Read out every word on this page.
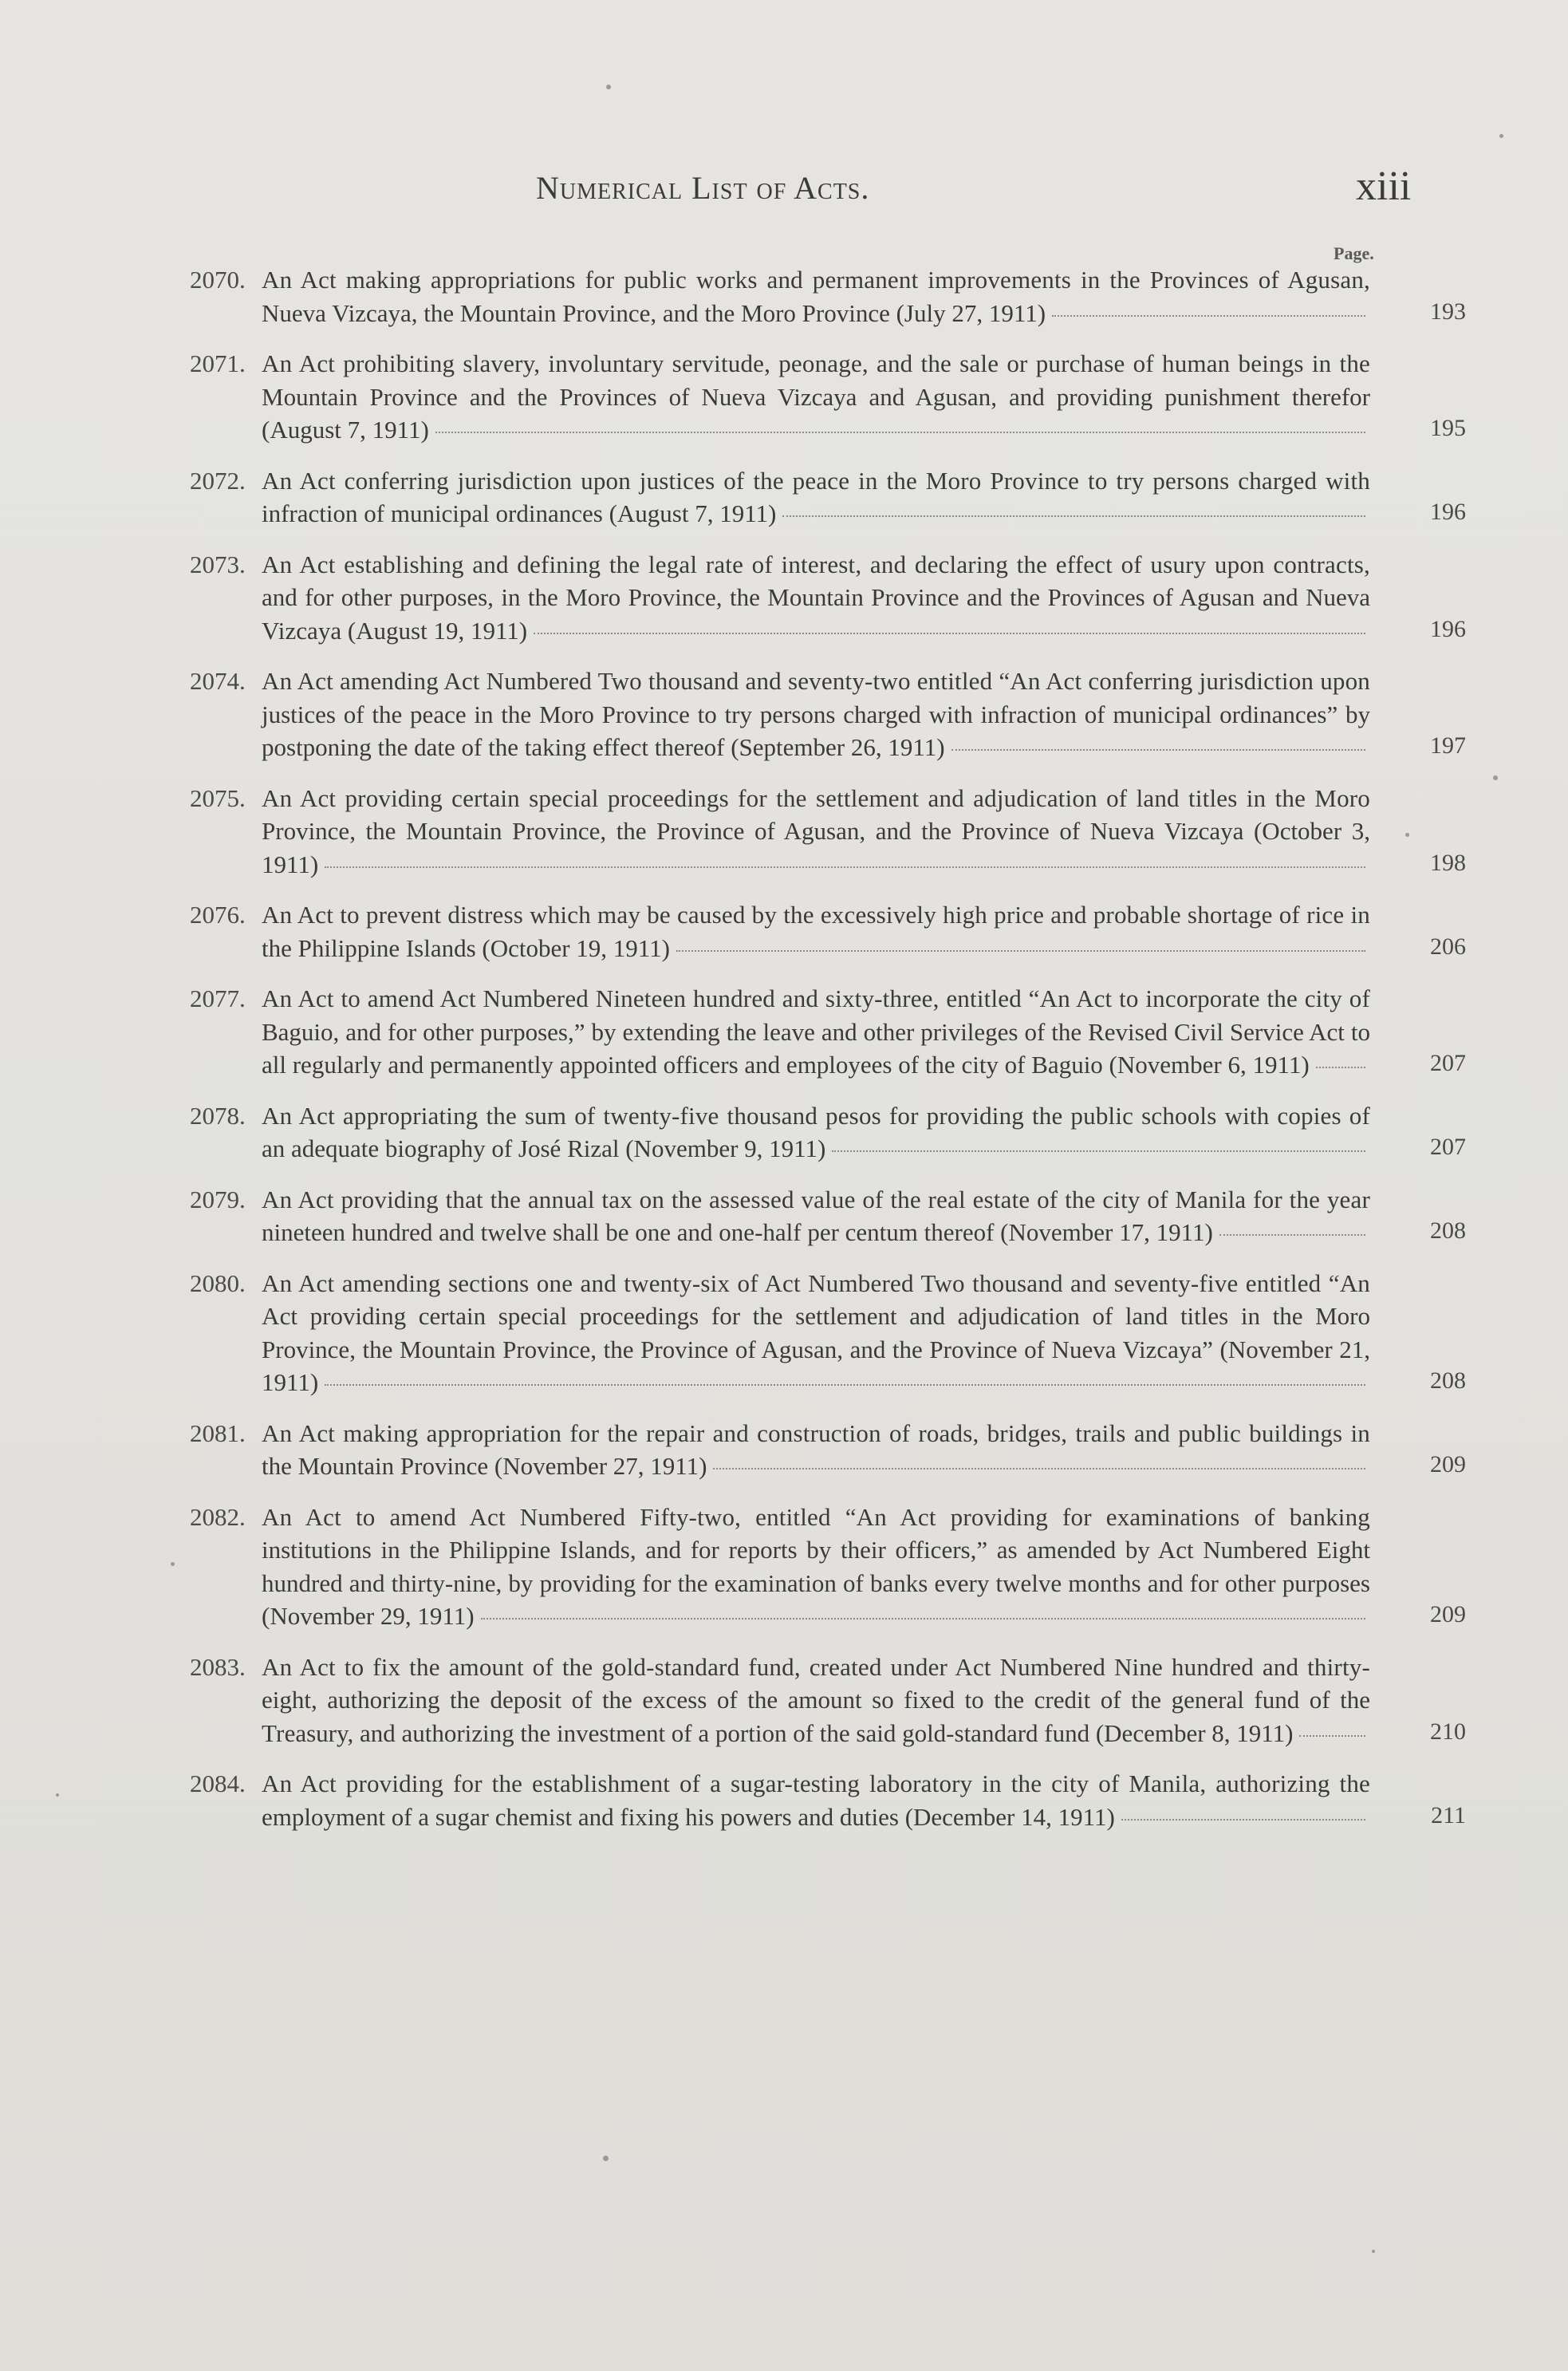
Numerical List of Acts.	xiii
Page.
2070. An Act making appropriations for public works and permanent improvements in the Provinces of Agusan, Nueva Vizcaya, the Mountain Province, and the Moro Province (July 27, 1911)	193
2071. An Act prohibiting slavery, involuntary servitude, peonage, and the sale or purchase of human beings in the Mountain Province and the Provinces of Nueva Vizcaya and Agusan, and providing punishment therefor (August 7, 1911)	195
2072. An Act conferring jurisdiction upon justices of the peace in the Moro Province to try persons charged with infraction of municipal ordinances (August 7, 1911)	196
2073. An Act establishing and defining the legal rate of interest, and declaring the effect of usury upon contracts, and for other purposes, in the Moro Province, the Mountain Province and the Provinces of Agusan and Nueva Vizcaya (August 19, 1911)	196
2074. An Act amending Act Numbered Two thousand and seventy-two entitled “An Act conferring jurisdiction upon justices of the peace in the Moro Province to try persons charged with infraction of municipal ordinances” by postponing the date of the taking effect thereof (September 26, 1911)	197
2075. An Act providing certain special proceedings for the settlement and adjudication of land titles in the Moro Province, the Mountain Province, the Province of Agusan, and the Province of Nueva Vizcaya (October 3, 1911)	198
2076. An Act to prevent distress which may be caused by the excessively high price and probable shortage of rice in the Philippine Islands (October 19, 1911)	206
2077. An Act to amend Act Numbered Nineteen hundred and sixty-three, entitled “An Act to incorporate the city of Baguio, and for other purposes,” by extending the leave and other privileges of the Revised Civil Service Act to all regularly and permanently appointed officers and employees of the city of Baguio (November 6, 1911)	207
2078. An Act appropriating the sum of twenty-five thousand pesos for providing the public schools with copies of an adequate biography of José Rizal (November 9, 1911)	207
2079. An Act providing that the annual tax on the assessed value of the real estate of the city of Manila for the year nineteen hundred and twelve shall be one and one-half per centum thereof (November 17, 1911)	208
2080. An Act amending sections one and twenty-six of Act Numbered Two thousand and seventy-five entitled “An Act providing certain special proceedings for the settlement and adjudication of land titles in the Moro Province, the Mountain Province, the Province of Agusan, and the Province of Nueva Vizcaya” (November 21, 1911)	208
2081. An Act making appropriation for the repair and construction of roads, bridges, trails and public buildings in the Mountain Province (November 27, 1911)	209
2082. An Act to amend Act Numbered Fifty-two, entitled “An Act providing for examinations of banking institutions in the Philippine Islands, and for reports by their officers,” as amended by Act Numbered Eight hundred and thirty-nine, by providing for the examination of banks every twelve months and for other purposes (November 29, 1911)	209
2083. An Act to fix the amount of the gold-standard fund, created under Act Numbered Nine hundred and thirty-eight, authorizing the deposit of the excess of the amount so fixed to the credit of the general fund of the Treasury, and authorizing the investment of a portion of the said gold-standard fund (December 8, 1911)	210
2084. An Act providing for the establishment of a sugar-testing laboratory in the city of Manila, authorizing the employment of a sugar chemist and fixing his powers and duties (December 14, 1911)	211
